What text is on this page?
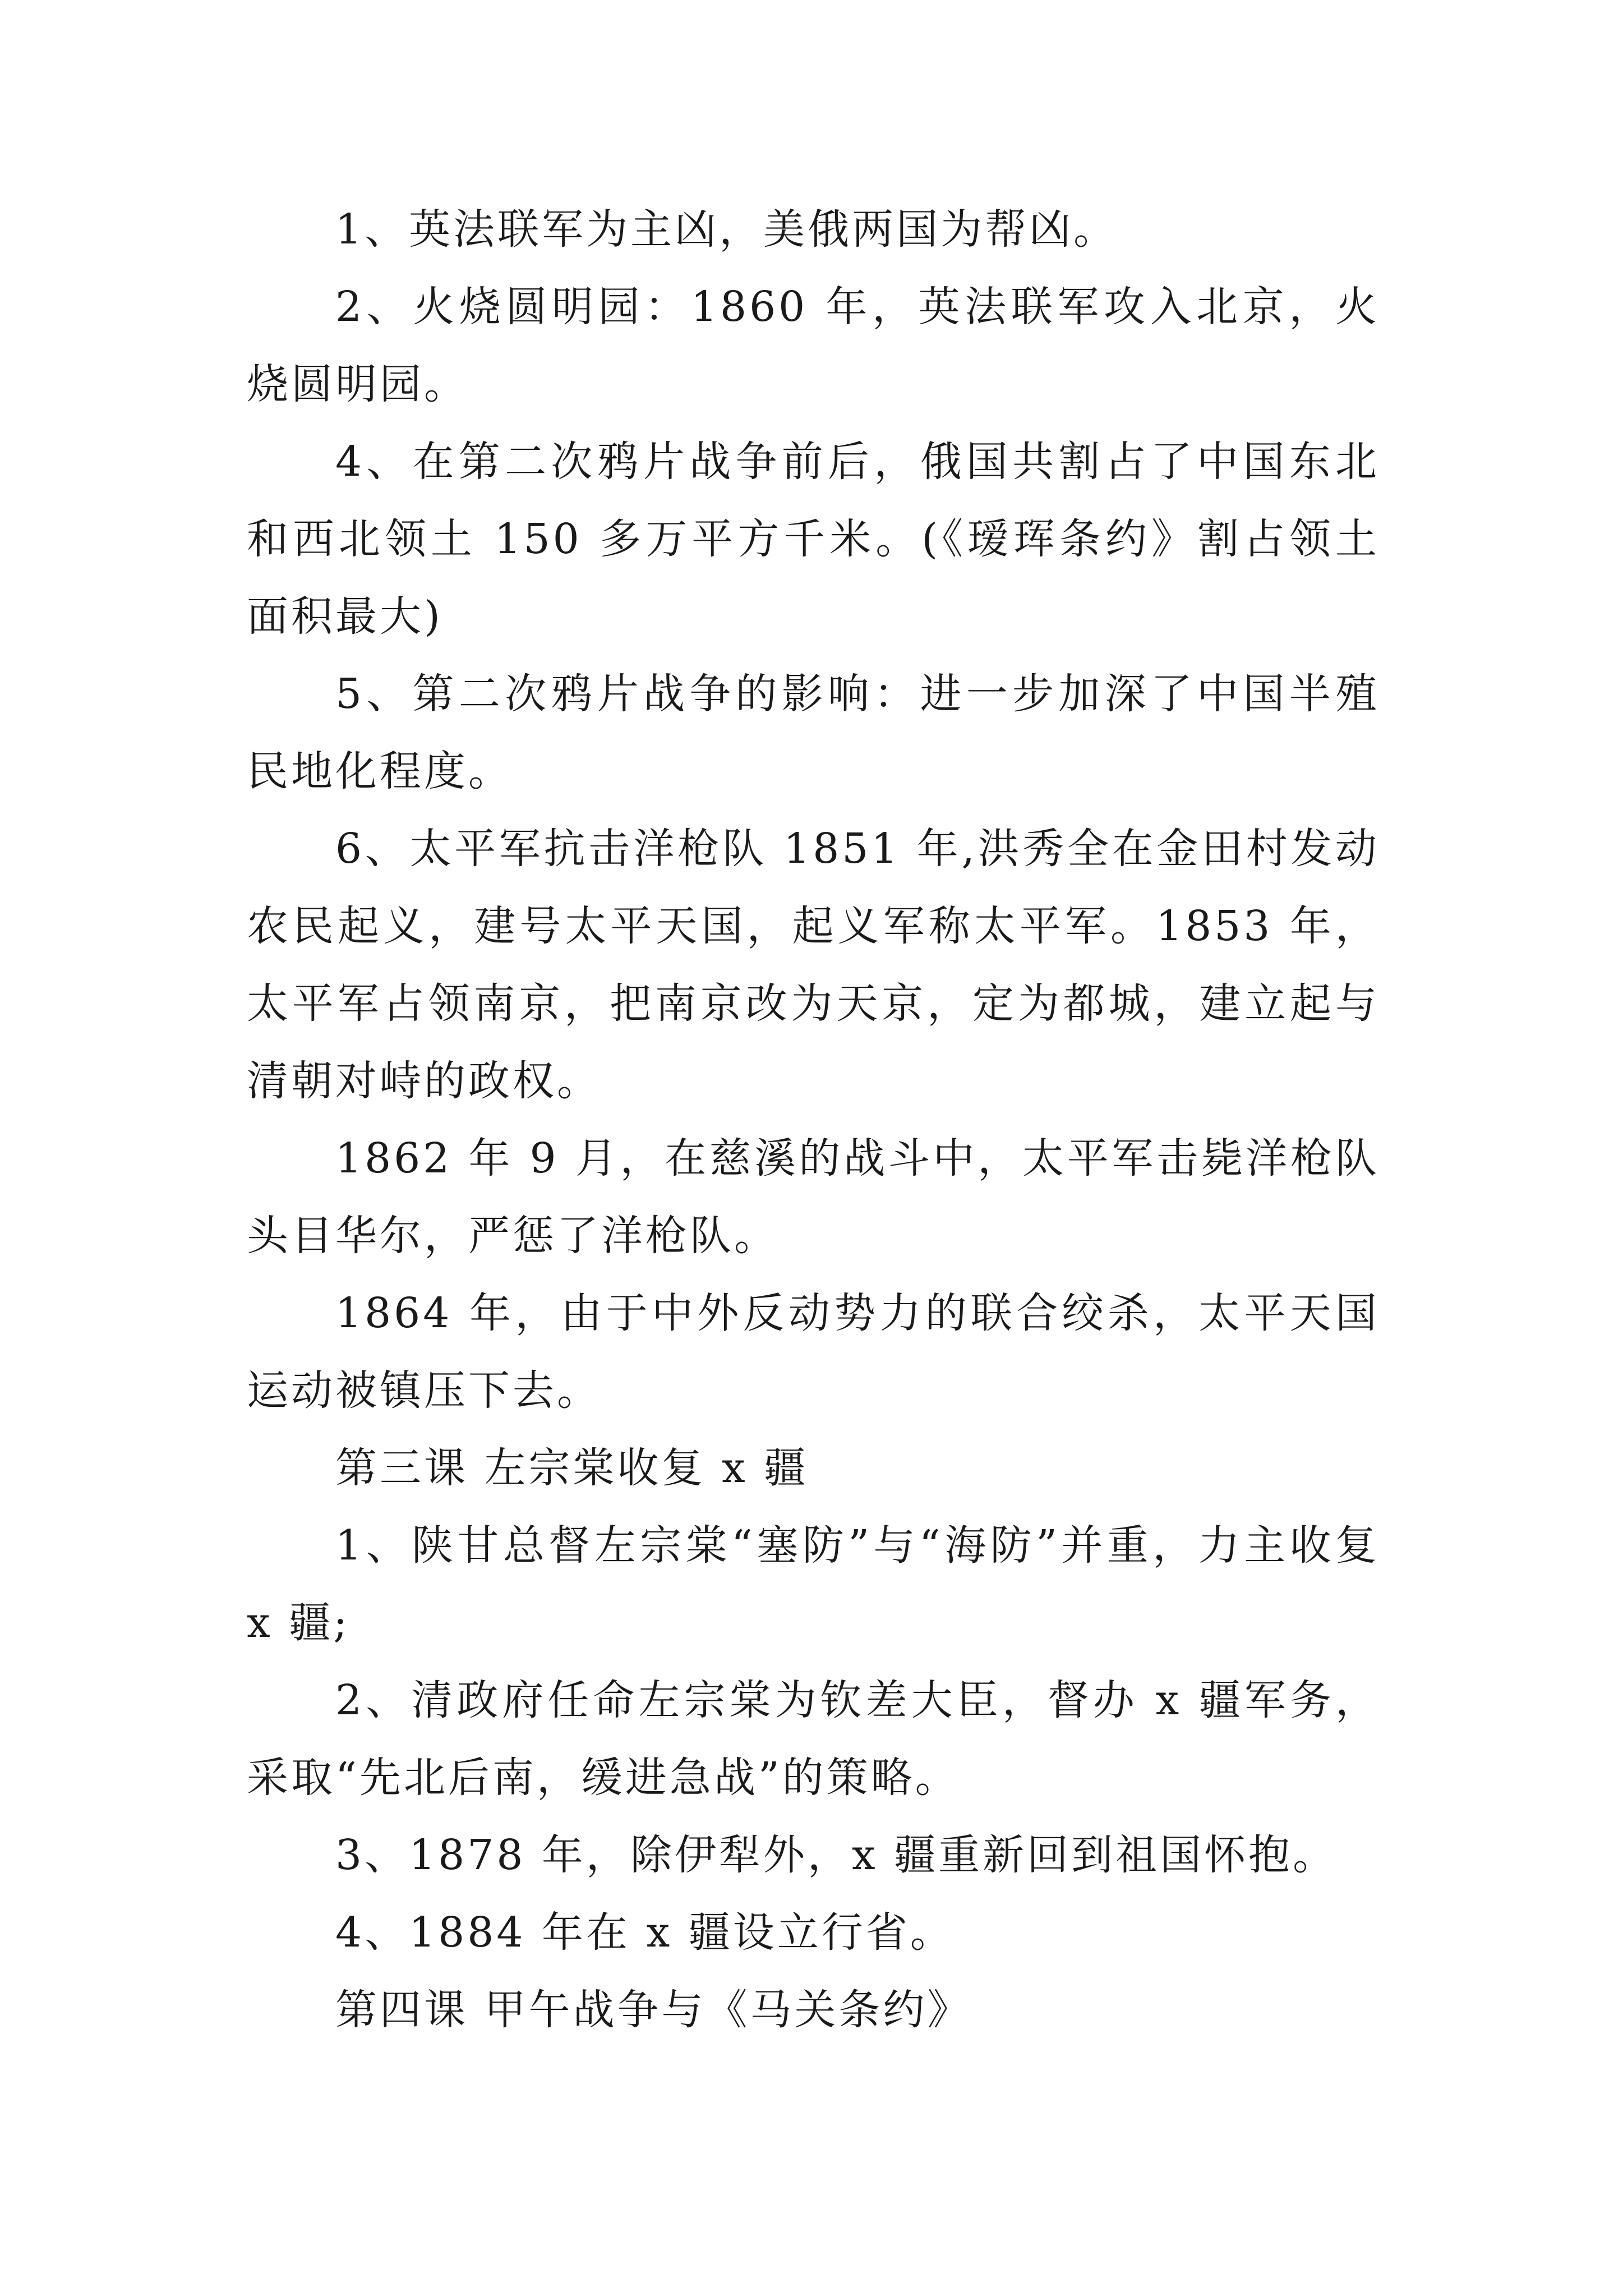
1、英法联军为主凶，美俄两国为帮凶。

2、火烧圆明园：1860 年，英法联军攻入北京，火烧圆明园。

4、在第二次鸦片战争前后，俄国共割占了中国东北和西北领土 150 多万平方千米。(《瑷珲条约》割占领土面积最大)

5、第二次鸦片战争的影响：进一步加深了中国半殖民地化程度。

6、太平军抗击洋枪队 1851 年,洪秀全在金田村发动农民起义，建号太平天国，起义军称太平军。1853 年，太平军占领南京，把南京改为天京，定为都城，建立起与清朝对峙的政权。

1862 年 9 月，在慈溪的战斗中，太平军击毙洋枪队头目华尔，严惩了洋枪队。

1864 年，由于中外反动势力的联合绞杀，太平天国运动被镇压下去。

第三课 左宗棠收复 x 疆

1、陕甘总督左宗棠“塞防”与“海防”并重，力主收复 x 疆;

2、清政府任命左宗棠为钦差大臣，督办 x 疆军务，采取“先北后南，缓进急战”的策略。

3、1878 年，除伊犁外，x 疆重新回到祖国怀抱。

4、1884 年在 x 疆设立行省。

第四课 甲午战争与《马关条约》
